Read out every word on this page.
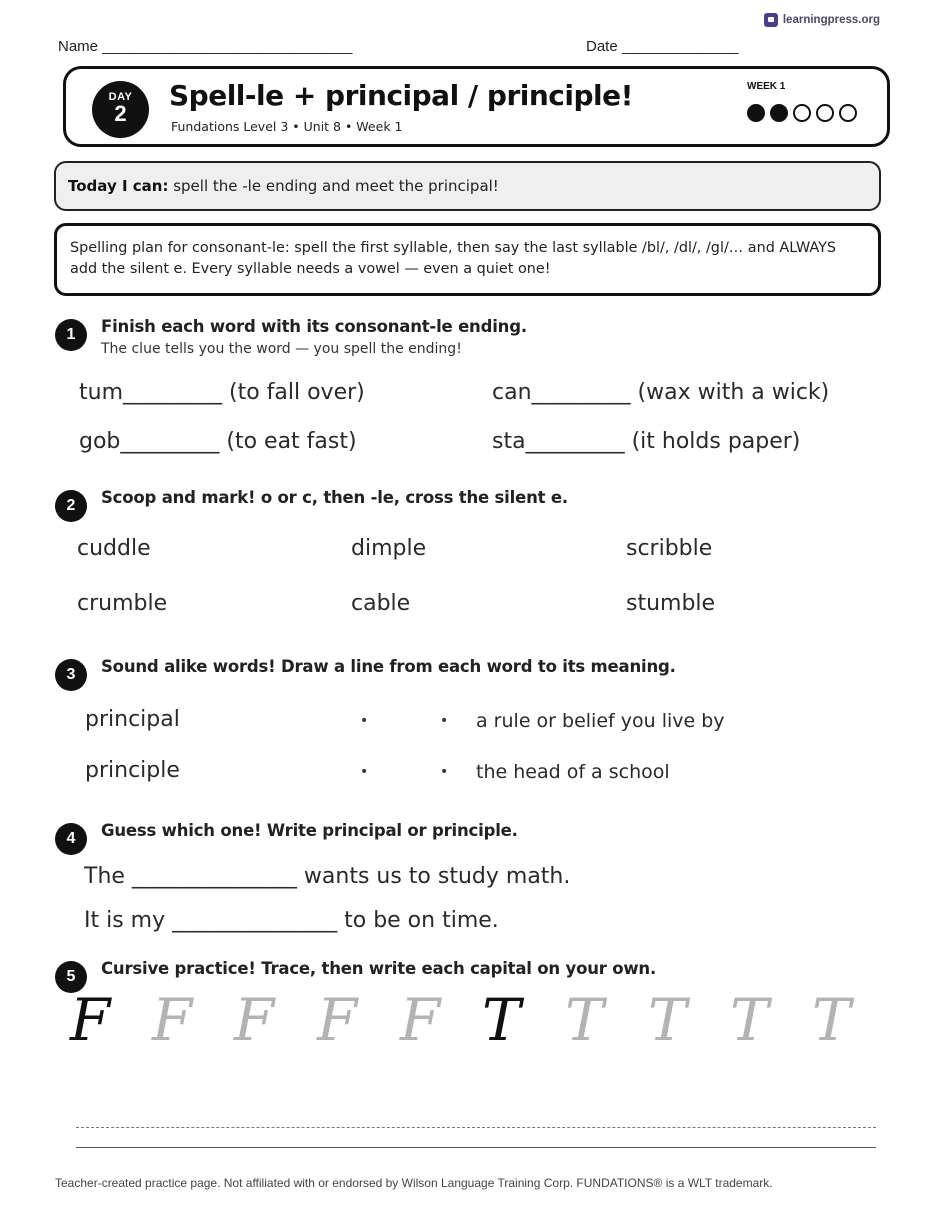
learningpress.org
Name ______________________________	Date ______________
DAY
2
Spell-le + principal / principle!
Fundations Level 3 • Unit 8 • Week 1
WEEK 1
Today I can: spell the -le ending and meet the principal!
Spelling plan for consonant-le: spell the first syllable, then say the last syllable /bl/, /dl/, /gl/… and ALWAYS add the silent e. Every syllable needs a vowel — even a quiet one!
1	Finish each word with its consonant-le ending.
The clue tells you the word — you spell the ending!
tum_________ (to fall over)	can_________ (wax with a wick)
gob_________ (to eat fast)	sta_________ (it holds paper)
2	Scoop and mark! o or c, then -le, cross the silent e.
cuddle	dimple	scribble
crumble	cable	stumble
3	Sound alike words! Draw a line from each word to its meaning.
principal	•	• a rule or belief you live by
principle	•	• the head of a school
4	Guess which one! Write principal or principle.
The _______________ wants us to study math.
It is my _______________ to be on time.
5	Cursive practice! Trace, then write each capital on your own.
F F F F F T T T T T
Teacher-created practice page. Not affiliated with or endorsed by Wilson Language Training Corp. FUNDATIONS® is a WLT trademark.
